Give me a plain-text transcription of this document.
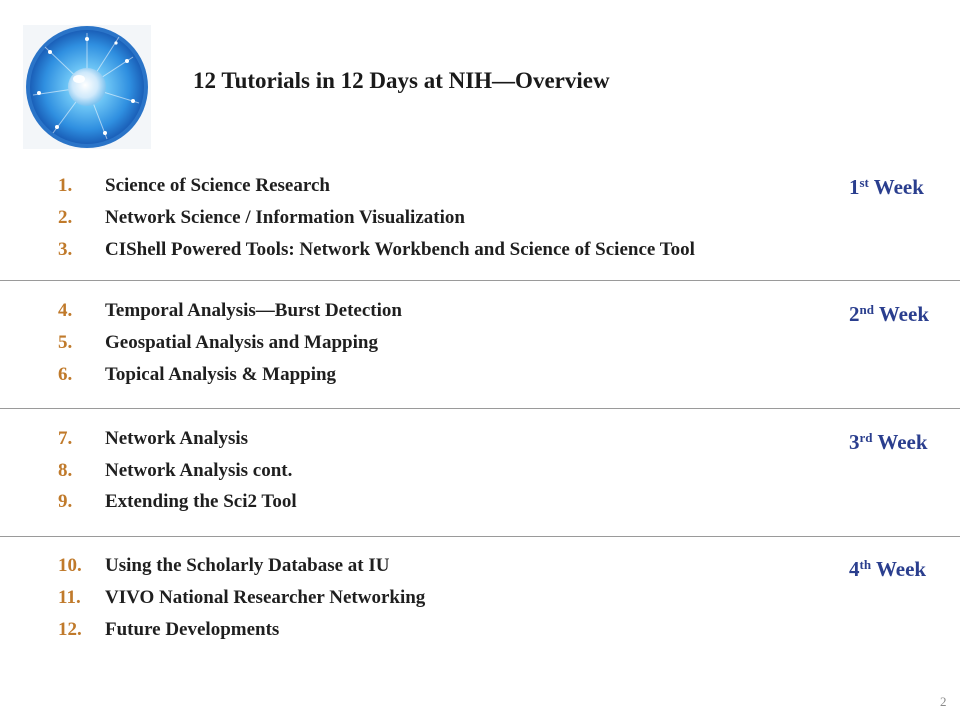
12 Tutorials in 12 Days at NIH—Overview
1. Science of Science Research
2. Network Science / Information Visualization
3. CIShell Powered Tools: Network Workbench and Science of Science Tool
1st Week
4. Temporal Analysis—Burst Detection
5. Geospatial Analysis and Mapping
6. Topical Analysis & Mapping
2nd Week
7. Network Analysis
8. Network Analysis cont.
9. Extending the Sci2 Tool
3rd Week
10. Using the Scholarly Database at IU
11. VIVO National Researcher Networking
12. Future Developments
4th Week
2
